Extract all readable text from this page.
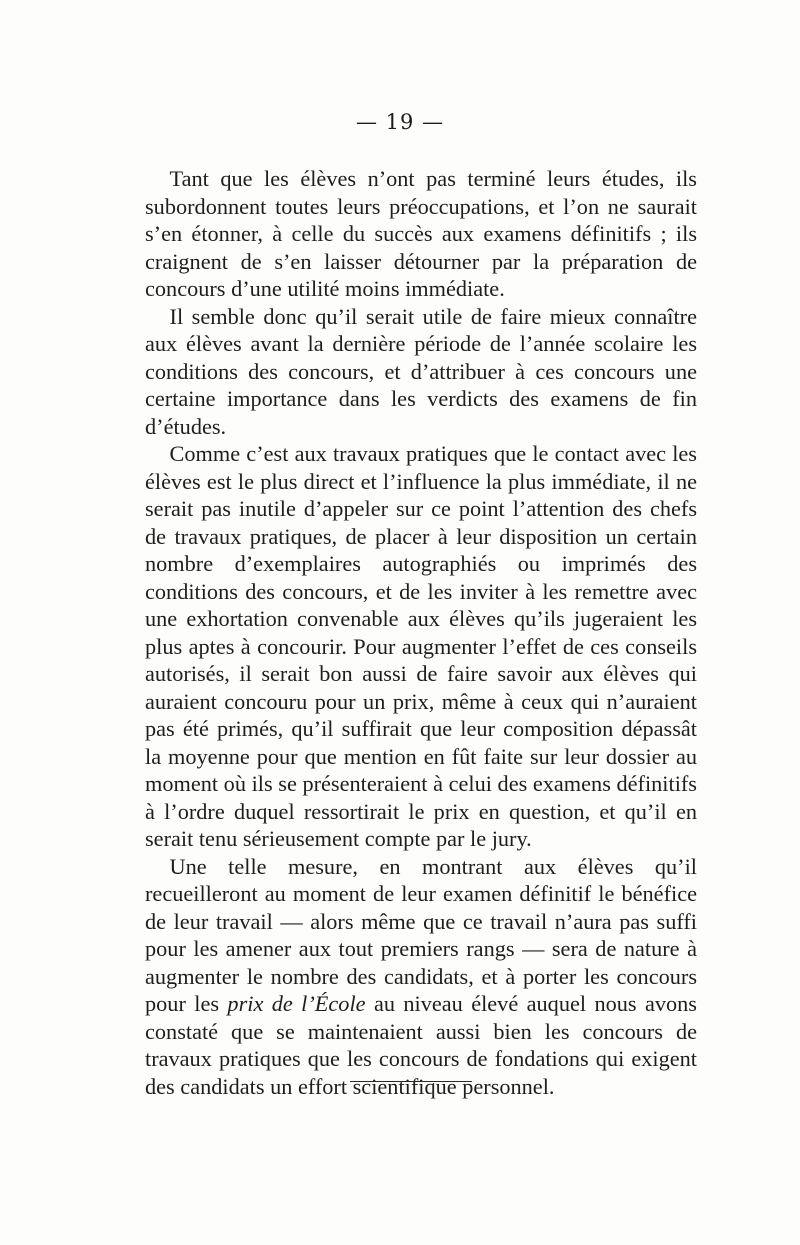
— 19 —

Tant que les élèves n’ont pas terminé leurs études, ils subordonnent toutes leurs préoccupations, et l’on ne saurait s’en étonner, à celle du succès aux examens définitifs ; ils craignent de s’en laisser détourner par la préparation de concours d’une utilité moins immédiate.

Il semble donc qu’il serait utile de faire mieux connaître aux élèves avant la dernière période de l’année scolaire les conditions des concours, et d’attribuer à ces concours une certaine importance dans les verdicts des examens de fin d’études.

Comme c’est aux travaux pratiques que le contact avec les élèves est le plus direct et l’influence la plus immédiate, il ne serait pas inutile d’appeler sur ce point l’attention des chefs de travaux pratiques, de placer à leur disposition un certain nombre d’exemplaires autographiés ou imprimés des conditions des concours, et de les inviter à les remettre avec une exhortation convenable aux élèves qu’ils jugeraient les plus aptes à concourir. Pour augmenter l’effet de ces conseils autorisés, il serait bon aussi de faire savoir aux élèves qui auraient concouru pour un prix, même à ceux qui n’auraient pas été primés, qu’il suffirait que leur composition dépassât la moyenne pour que mention en fût faite sur leur dossier au moment où ils se présenteraient à celui des examens définitifs à l’ordre duquel ressortirait le prix en question, et qu’il en serait tenu sérieusement compte par le jury.

Une telle mesure, en montrant aux élèves qu’il recueilleront au moment de leur examen définitif le bénéfice de leur travail — alors même que ce travail n’aura pas suffi pour les amener aux tout premiers rangs — sera de nature à augmenter le nombre des candidats, et à porter les concours pour les prix de l’École au niveau élevé auquel nous avons constaté que se maintenaient aussi bien les concours de travaux pratiques que les concours de fondations qui exigent des candidats un effort scientifique personnel.
